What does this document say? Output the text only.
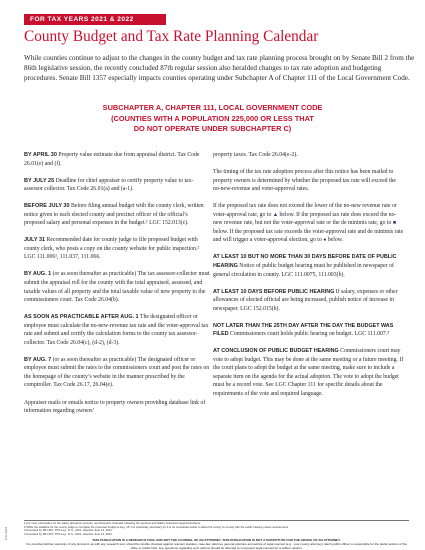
FOR TAX YEARS 2021 & 2022
County Budget and Tax Rate Planning Calendar
While counties continue to adjust to the changes in the county budget and tax rate planning process brought on by Senate Bill 2 from the 86th legislative session, the recently concluded 87th regular session also heralded changes to tax rate adoption and budgeting procedures. Senate Bill 1357 especially impacts counties operating under Subchapter A of Chapter 111 of the Local Government Code.
SUBCHAPTER A, CHAPTER 111, LOCAL GOVERNMENT CODE
(COUNTIES WITH A POPULATION 225,000 OR LESS THAT
DO NOT OPERATE UNDER SUBCHAPTER C)

BY APRIL 30 Property value estimate due from appraisal district. Tax Code 26.01(e) and (f).

BY JULY 25 Deadline for chief appraiser to certify property value to tax-assessor collector. Tax Code 26.01(a) and (a-1).

BEFORE JULY 30 Before filing annual budget with the county clerk, written notice given to each elected county and precinct officer of the official’s proposed salary and personal expenses in the budget.¹ LGC 152.013(c).

JULY 31 Recommended date for county judge to file proposed budget with county clerk, who posts a copy on the county website for public inspection.² LGC 111.006¹, 111.037, 111.066.

BY AUG. 1 (or as soon thereafter as practicable) The tax assessor-collector must submit the appraisal roll for the county with the total appraised, assessed, and taxable values of all property and the total taxable value of new property to the commissioners court. Tax Code 26.04(b).

AS SOON AS PRACTICABLE AFTER AUG. 1 The designated officer or employee must calculate the no-new-revenue tax rate and the voter-approval tax rate and submit and certify the calculation forms to the county tax assessor-collector. Tax Code 26.04(c), (d-2), (d-3).

BY AUG. 7 (or as soon thereafter as practicable) The designated officer or employee must submit the rates to the commissioners court and post the rates on the homepage of the county’s website in the manner prescribed by the comptroller. Tax Code 26.17, 26.04(e).

Appraiser mails or emails notice to property owners providing database link of information regarding owners’

property taxes. Tax Code 26.04(e-2).

The timing of the tax rate adoption process after this notice has been mailed to property owners is determined by whether the proposed tax rate will exceed the no-new-revenue and voter-approval rates.

If the proposed tax rate does not exceed the lower of the no-new revenue rate or voter-approval rate, go to ▲ below. If the proposed tax rate does exceed the no-new revenue rate, but not the voter-approval rate or the de minimis rate, go to ■ below. If the proposed tax rate exceeds the voter-approval rate and de minimis rate and will trigger a voter-approval election, go to ● below.

AT LEAST 10 BUT NO MORE THAN 30 DAYS BEFORE DATE OF PUBLIC HEARING Notice of public budget hearing must be published in newspaper of general circulation in county. LGC 111.0075, 111.003(b).

AT LEAST 10 DAYS BEFORE PUBLIC HEARING If salary, expenses or other allowances of elected official are being increased, publish notice of increase in newspaper. LGC 152.015(b).

NOT LATER THAN THE 25TH DAY AFTER THE DAY THE BUDGET WAS FILED Commissioners court holds public hearing on budget. LGC 111.007.³

AT CONCLUSION OF PUBLIC BUDGET HEARING Commissioners court may vote to adopt budget. This may be done at the same meeting or a future meeting. If the court plans to adopt the budget at the same meeting, make sure to include a separate item on the agenda for the actual adoption. The vote to adopt the budget must be a record vote. See LGC Chapter 111 for specific details about the requirements of the vote and required language.

1 For more information on the salary grievance process, see Resource Calendar following the sections and Salary Grievance legal instructions.
2 While the deadline for the county judge to complete the proposed budget is Aug. 15, it is practically necessary for it to be completed earlier to allow the county to comply with the public hearing notice requirements.
3 Amended by SB 1357, 87th Leg., R.S., 2021, effective June 14, 2021.
4 Amended by SB 1357, 87th Leg., R.S., 2021, effective June 14, 2021.
THIS PUBLICATION IS A RESEARCH TOOL AND NOT THE COUNSEL OF AN ATTORNEY. THIS PUBLICATION IS NOT A SUBSTITUTE FOR THE ADVICE OF AN ATTORNEY.
It is provided without warranty of any kind and, as with any research tool, should be double checked against relevant statutes, case law, attorney general opinions and advice of legal counsel (e.g., your county attorney). Each public officer is responsible for the lawful actions of the office or public hold. Any questions regarding such actions should be directed to competent legal counsel for a written opinion.
8.21.2021
